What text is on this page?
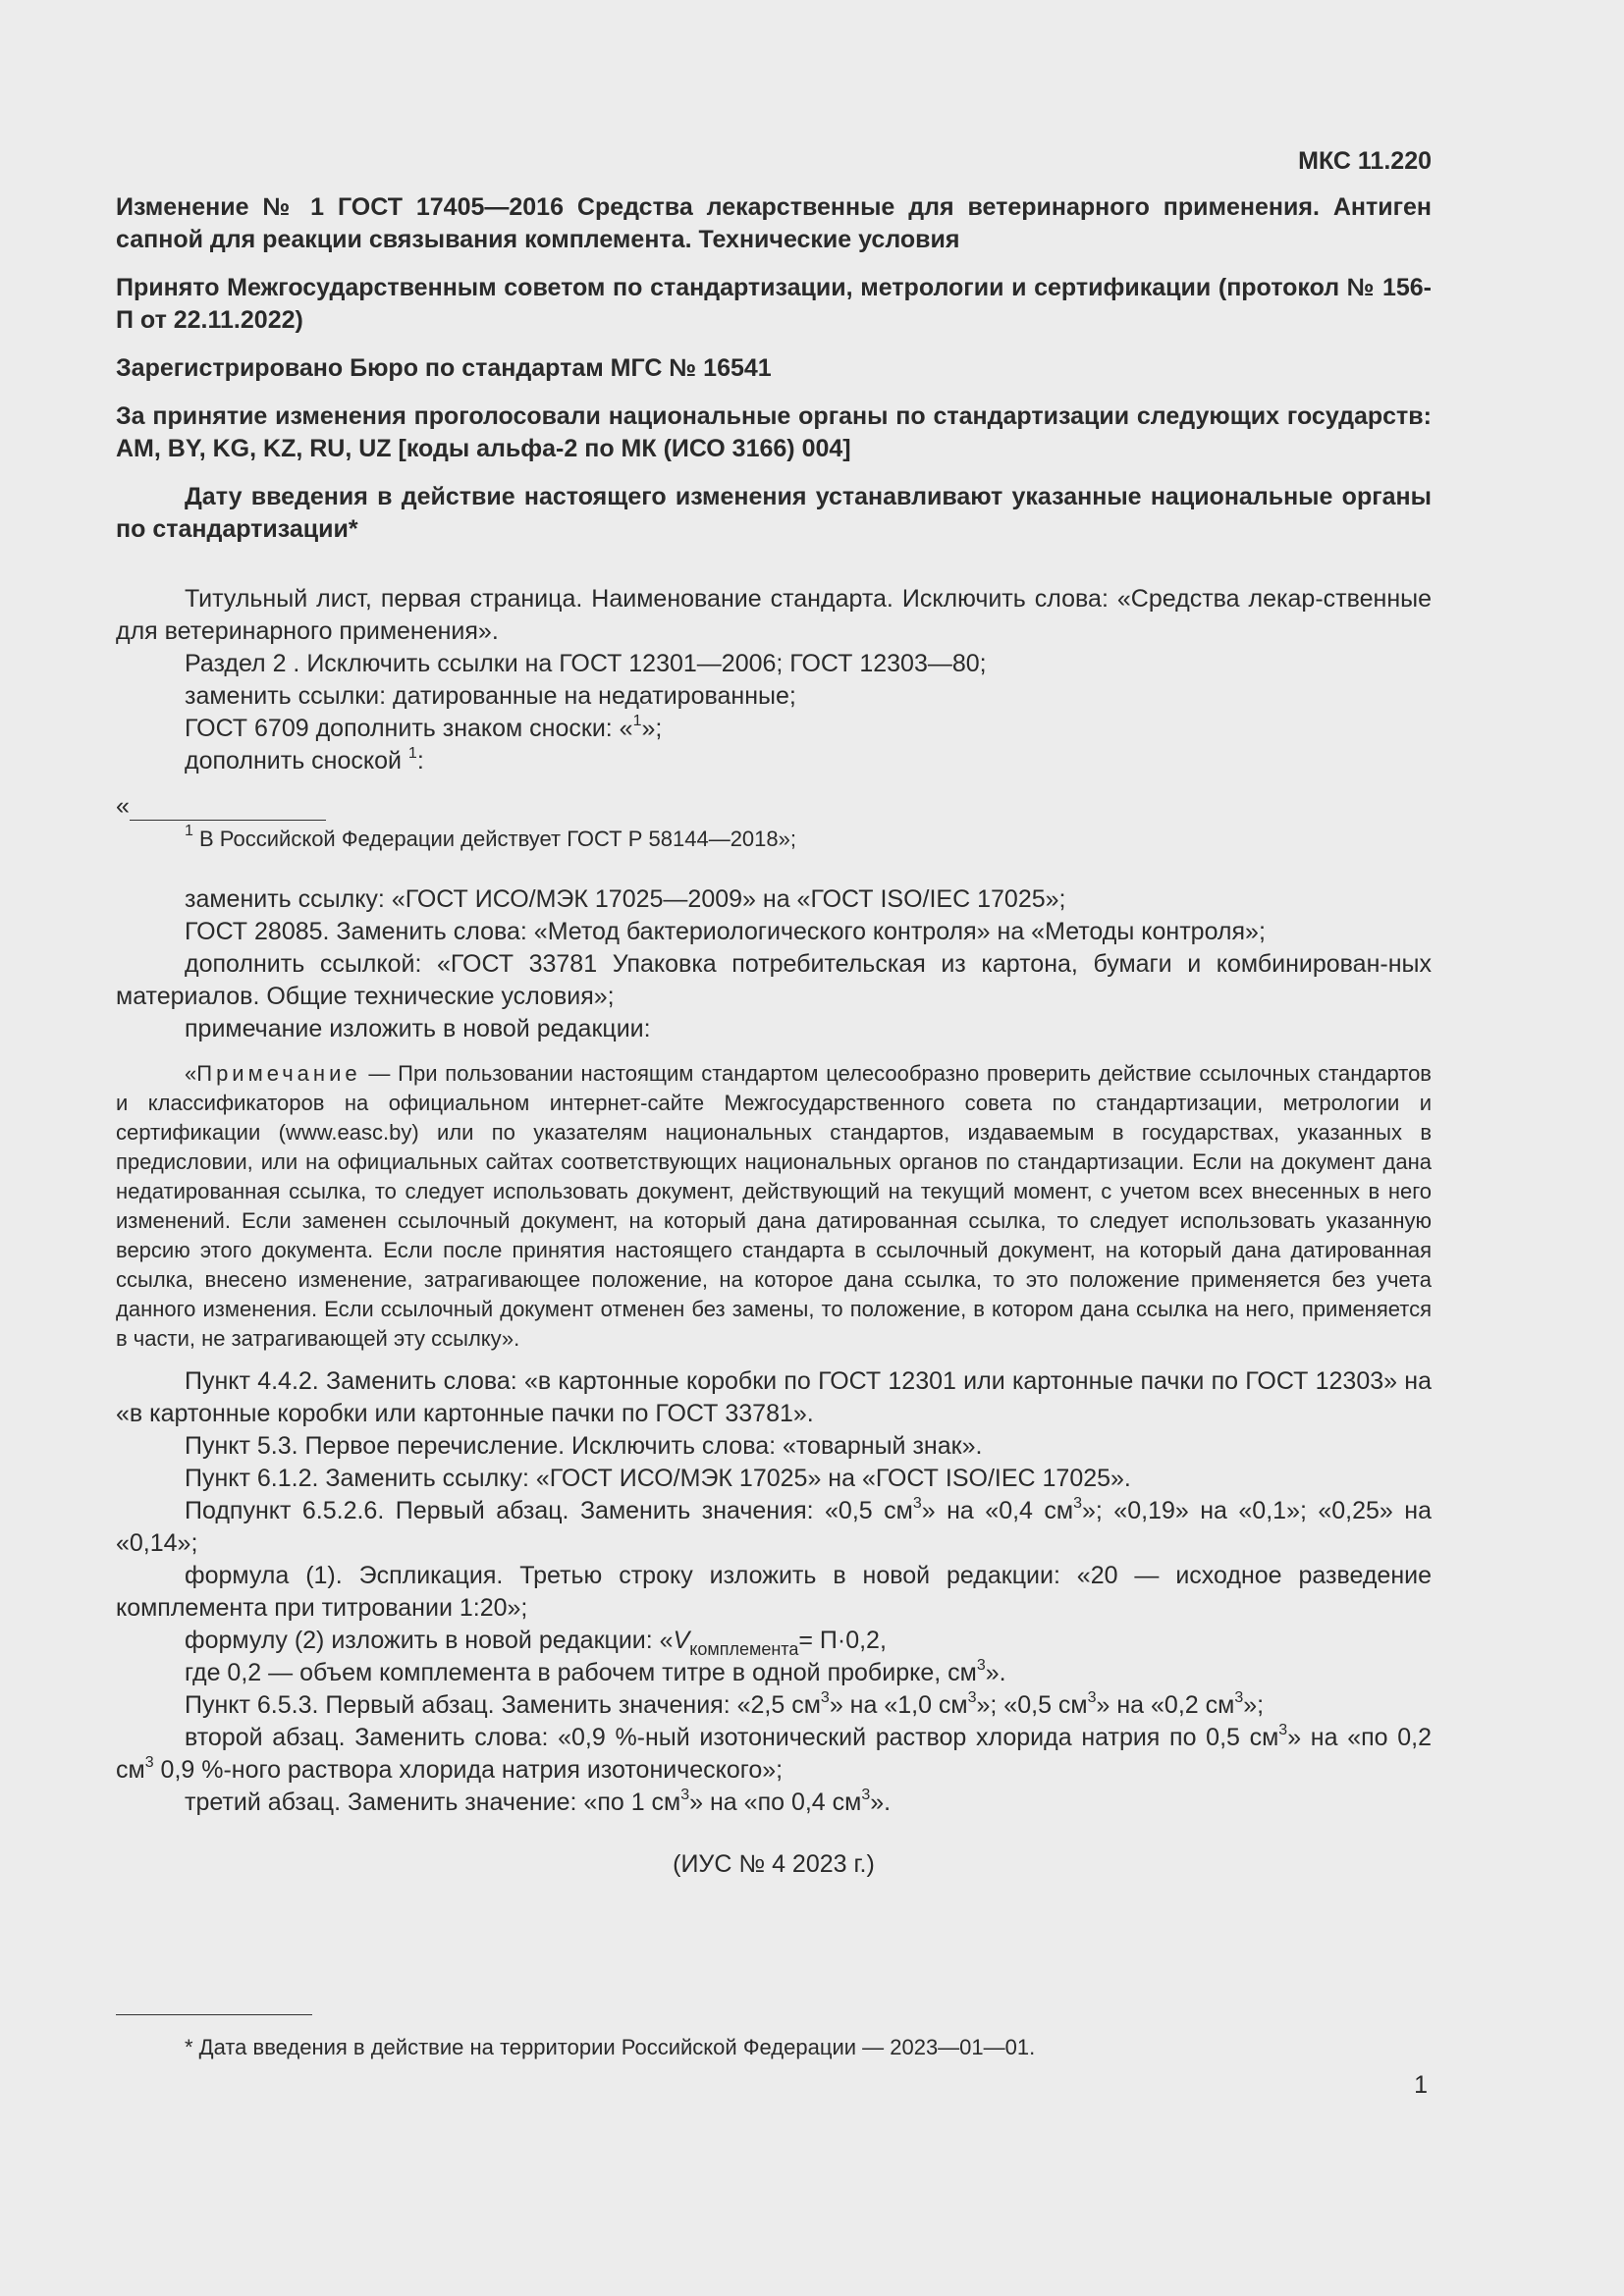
МКС 11.220

Изменение № 1 ГОСТ 17405—2016 Средства лекарственные для ветеринарного применения. Антиген сапной для реакции связывания комплемента. Технические условия

Принято Межгосударственным советом по стандартизации, метрологии и сертификации (протокол № 156-П от 22.11.2022)

Зарегистрировано Бюро по стандартам МГС № 16541

За принятие изменения проголосовали национальные органы по стандартизации следующих государств: AM, BY, KG, KZ, RU, UZ [коды альфа-2 по МК (ИСО 3166) 004]

Дату введения в действие настоящего изменения устанавливают указанные национальные органы по стандартизации*

Титульный лист, первая страница. Наименование стандарта. Исключить слова: «Средства лекар-ственные для ветеринарного применения».

Раздел 2 . Исключить ссылки на ГОСТ 12301—2006; ГОСТ 12303—80;

заменить ссылки: датированные на недатированные;

ГОСТ 6709 дополнить знаком сноски: «$^1$»;

дополнить сноской $^1$:

«

$^1$ В Российской Федерации действует ГОСТ Р 58144—2018»;

заменить ссылку: «ГОСТ ИСО/МЭК 17025—2009» на «ГОСТ ISO/IEC 17025»;

ГОСТ 28085. Заменить слова: «Метод бактериологического контроля» на «Методы контроля»;

дополнить ссылкой: «ГОСТ 33781 Упаковка потребительская из картона, бумаги и комбинирован-ных материалов. Общие технические условия»;

примечание изложить в новой редакции:

«Примечание — При пользовании настоящим стандартом целесообразно проверить действие ссылочных стандартов и классификаторов на официальном интернет-сайте Межгосударственного совета по стандартизации, метрологии и сертификации (www.easc.by) или по указателям национальных стандартов, издаваемым в государствах, указанных в предисловии, или на официальных сайтах соответствующих национальных органов по стандартизации. Если на документ дана недатированная ссылка, то следует использовать документ, действующий на текущий момент, с учетом всех внесенных в него изменений. Если заменен ссылочный документ, на который дана датированная ссылка, то следует использовать указанную версию этого документа. Если после принятия настоящего стандарта в ссылочный документ, на который дана датированная ссылка, внесено изменение, затрагивающее положение, на которое дана ссылка, то это положение применяется без учета данного изменения. Если ссылочный документ отменен без замены, то положение, в котором дана ссылка на него, применяется в части, не затрагивающей эту ссылку».

Пункт 4.4.2. Заменить слова: «в картонные коробки по ГОСТ 12301 или картонные пачки по ГОСТ 12303» на «в картонные коробки или картонные пачки по ГОСТ 33781».

Пункт 5.3. Первое перечисление. Исключить слова: «товарный знак».

Пункт 6.1.2. Заменить ссылку: «ГОСТ ИСО/МЭК 17025» на «ГОСТ ISO/IEC 17025».

Подпункт 6.5.2.6. Первый абзац. Заменить значения: «0,5 $см^3$» на «0,4 $см^3$»; «0,19» на «0,1»; «0,25» на «0,14»;

формула (1). Эспликация. Третью строку изложить в новой редакции: «20 — исходное разведение комплемента при титровании 1:20»;

формулу (2) изложить в новой редакции: «$V_{комплемента}= П\cdot 0,2$,

где 0,2 — объем комплемента в рабочем титре в одной пробирке, $см^3$».

Пункт 6.5.3. Первый абзац. Заменить значения: «2,5 $см^3$» на «1,0 $см^3$»; «0,5 $см^3$» на «0,2 $см^3$»;

второй абзац. Заменить слова: «0,9 %-ный изотонический раствор хлорида натрия по 0,5 $см^3$» на «по 0,2 $см^3$ 0,9 %-ного раствора хлорида натрия изотонического»;

третий абзац. Заменить значение: «по 1 $см^3$» на «по 0,4 $см^3$».

(ИУС № 4 2023 г.)

* Дата введения в действие на территории Российской Федерации — 2023—01—01.

1
